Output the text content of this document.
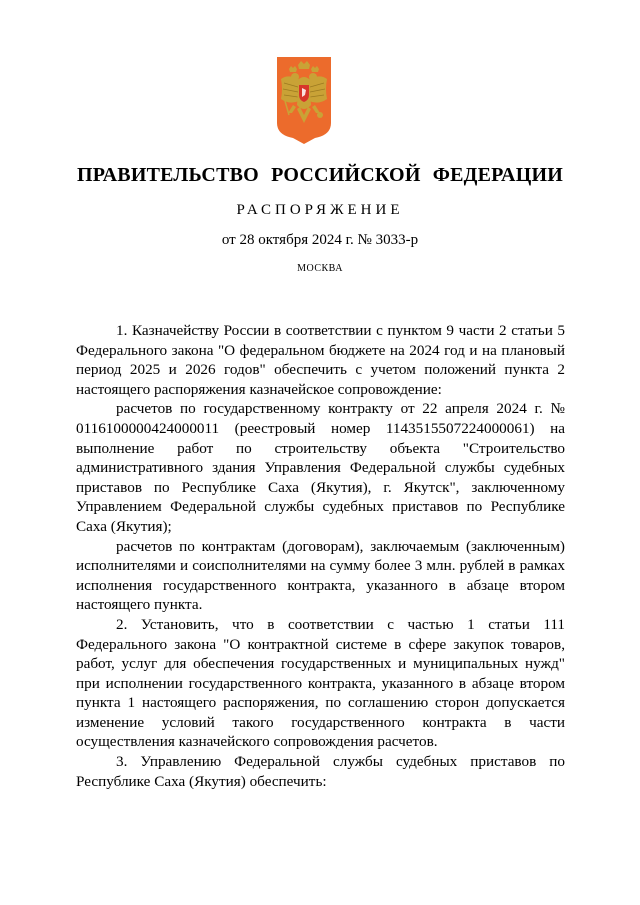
ПРАВИТЕЛЬСТВО РОССИЙСКОЙ ФЕДЕРАЦИИ
РАСПОРЯЖЕНИЕ
от 28 октября 2024 г. № 3033-р
МОСКВА

1. Казначейству России в соответствии с пунктом 9 части 2 статьи 5 Федерального закона "О федеральном бюджете на 2024 год и на плановый период 2025 и 2026 годов" обеспечить с учетом положений пункта 2 настоящего распоряжения казначейское сопровождение:

расчетов по государственному контракту от 22 апреля 2024 г. № 0116100000424000011 (реестровый номер 1143515507224000061) на выполнение работ по строительству объекта "Строительство административного здания Управления Федеральной службы судебных приставов по Республике Саха (Якутия), г. Якутск", заключенному Управлением Федеральной службы судебных приставов по Республике Саха (Якутия);

расчетов по контрактам (договорам), заключаемым (заключенным) исполнителями и соисполнителями на сумму более 3 млн. рублей в рамках исполнения государственного контракта, указанного в абзаце втором настоящего пункта.

2. Установить, что в соответствии с частью 1 статьи 111 Федерального закона "О контрактной системе в сфере закупок товаров, работ, услуг для обеспечения государственных и муниципальных нужд" при исполнении государственного контракта, указанного в абзаце втором пункта 1 настоящего распоряжения, по соглашению сторон допускается изменение условий такого государственного контракта в части осуществления казначейского сопровождения расчетов.

3. Управлению Федеральной службы судебных приставов по Республике Саха (Якутия) обеспечить:
